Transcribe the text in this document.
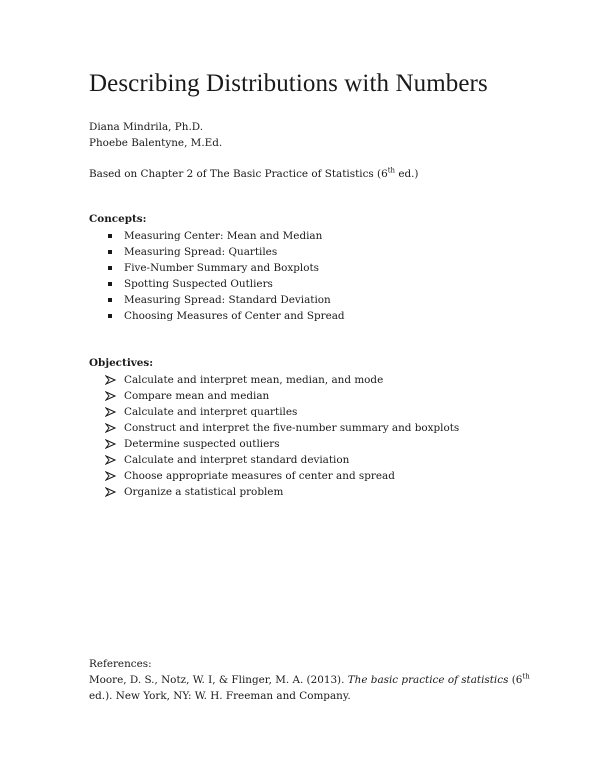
Describing Distributions with Numbers
Diana Mindrila, Ph.D.
Phoebe Balentyne, M.Ed.
Based on Chapter 2 of The Basic Practice of Statistics (6th ed.)
Concepts:
Measuring Center: Mean and Median
Measuring Spread: Quartiles
Five-Number Summary and Boxplots
Spotting Suspected Outliers
Measuring Spread: Standard Deviation
Choosing Measures of Center and Spread
Objectives:
Calculate and interpret mean, median, and mode
Compare mean and median
Calculate and interpret quartiles
Construct and interpret the five-number summary and boxplots
Determine suspected outliers
Calculate and interpret standard deviation
Choose appropriate measures of center and spread
Organize a statistical problem
References:
Moore, D. S., Notz, W. I, & Flinger, M. A. (2013). The basic practice of statistics (6th
ed.). New York, NY: W. H. Freeman and Company.
